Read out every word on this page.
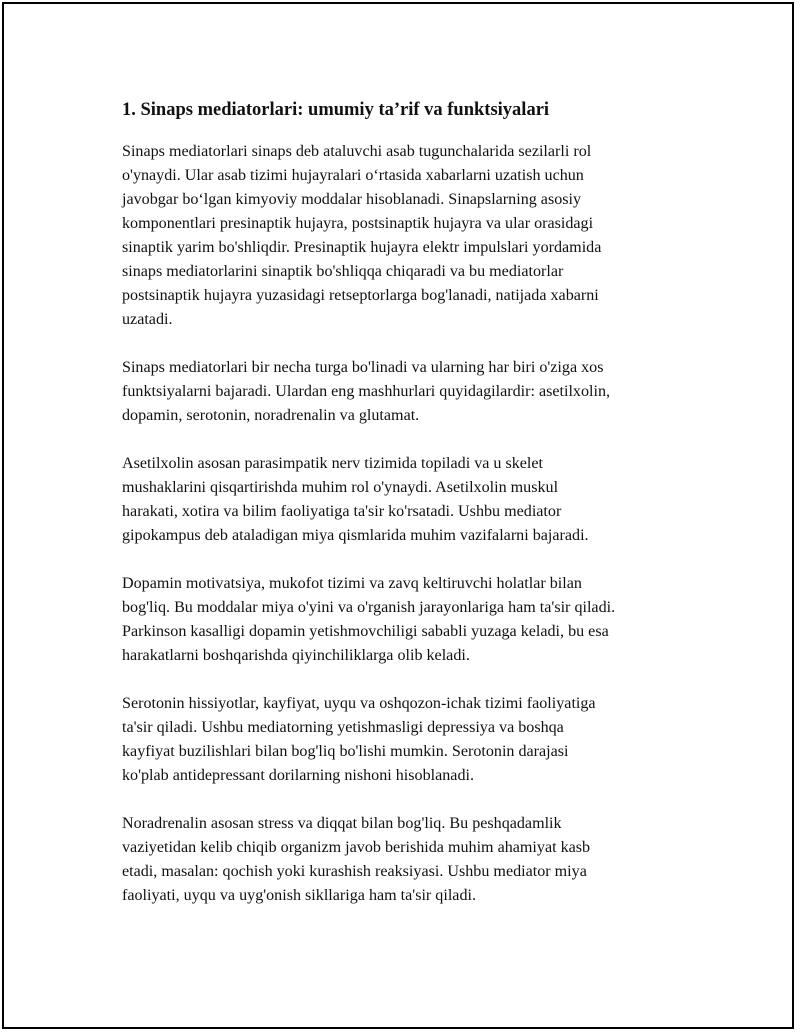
1. Sinaps mediatorlari: umumiy ta’rif va funktsiyalari

Sinaps mediatorlari sinaps deb ataluvchi asab tugunchalarida sezilarli rol
o'ynaydi. Ular asab tizimi hujayralari o‘rtasida xabarlarni uzatish uchun
javobgar bo‘lgan kimyoviy moddalar hisoblanadi. Sinapslarning asosiy
komponentlari presinaptik hujayra, postsinaptik hujayra va ular orasidagi
sinaptik yarim bo'shliqdir. Presinaptik hujayra elektr impulslari yordamida
sinaps mediatorlarini sinaptik bo'shliqqa chiqaradi va bu mediatorlar
postsinaptik hujayra yuzasidagi retseptorlarga bog'lanadi, natijada xabarni
uzatadi.

Sinaps mediatorlari bir necha turga bo'linadi va ularning har biri o'ziga xos
funktsiyalarni bajaradi. Ulardan eng mashhurlari quyidagilardir: asetilxolin,
dopamin, serotonin, noradrenalin va glutamat.

Asetilxolin asosan parasimpatik nerv tizimida topiladi va u skelet
mushaklarini qisqartirishda muhim rol o'ynaydi. Asetilxolin muskul
harakati, xotira va bilim faoliyatiga ta'sir ko'rsatadi. Ushbu mediator
gipokampus deb ataladigan miya qismlarida muhim vazifalarni bajaradi.

Dopamin motivatsiya, mukofot tizimi va zavq keltiruvchi holatlar bilan
bog'liq. Bu moddalar miya o'yini va o'rganish jarayonlariga ham ta'sir qiladi.
Parkinson kasalligi dopamin yetishmovchiligi sababli yuzaga keladi, bu esa
harakatlarni boshqarishda qiyinchiliklarga olib keladi.

Serotonin hissiyotlar, kayfiyat, uyqu va oshqozon-ichak tizimi faoliyatiga
ta'sir qiladi. Ushbu mediatorning yetishmasligi depressiya va boshqa
kayfiyat buzilishlari bilan bog'liq bo'lishi mumkin. Serotonin darajasi
ko'plab antidepressant dorilarning nishoni hisoblanadi.

Noradrenalin asosan stress va diqqat bilan bog'liq. Bu peshqadamlik
vaziyetidan kelib chiqib organizm javob berishida muhim ahamiyat kasb
etadi, masalan: qochish yoki kurashish reaksiyasi. Ushbu mediator miya
faoliyati, uyqu va uyg'onish sikllariga ham ta'sir qiladi.
